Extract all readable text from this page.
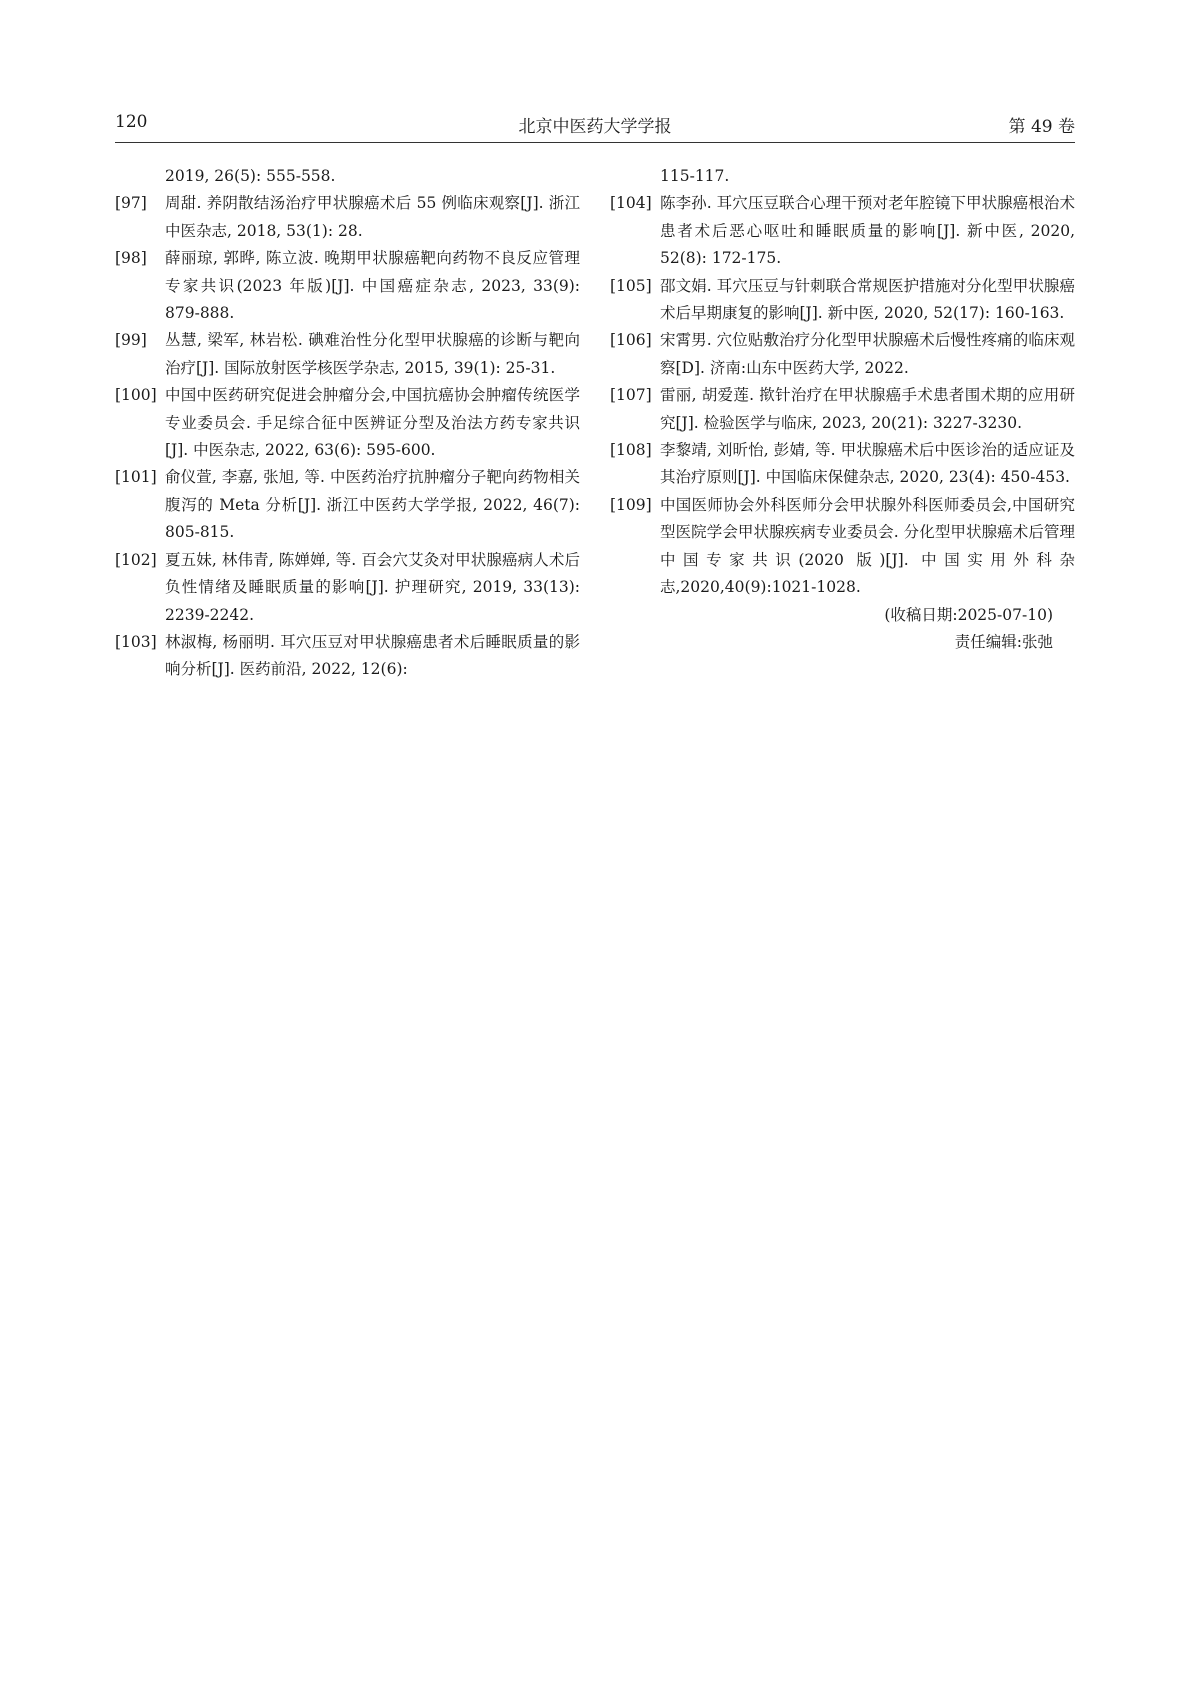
120	北京中医药大学学报	第 49 卷

2019, 26(5): 555-558.

[97]	周甜. 养阴散结汤治疗甲状腺癌术后 55 例临床观察[J]. 浙江中医杂志, 2018, 53(1): 28.
[98]	薛丽琼, 郭晔, 陈立波. 晚期甲状腺癌靶向药物不良反应管理专家共识(2023 年版)[J]. 中国癌症杂志, 2023, 33(9): 879-888.
[99]	丛慧, 梁军, 林岩松. 碘难治性分化型甲状腺癌的诊断与靶向治疗[J]. 国际放射医学核医学杂志, 2015, 39(1): 25-31.
[100] 中国中医药研究促进会肿瘤分会,中国抗癌协会肿瘤传统医学专业委员会. 手足综合征中医辨证分型及治法方药专家共识[J]. 中医杂志, 2022, 63(6): 595-600.
[101] 俞仪萱, 李嘉, 张旭, 等. 中医药治疗抗肿瘤分子靶向药物相关腹泻的 Meta 分析[J]. 浙江中医药大学学报, 2022, 46(7): 805-815.
[102] 夏五妹, 林伟青, 陈婵婵, 等. 百会穴艾灸对甲状腺癌病人术后负性情绪及睡眠质量的影响[J]. 护理研究, 2019, 33(13): 2239-2242.
[103] 林淑梅, 杨丽明. 耳穴压豆对甲状腺癌患者术后睡眠质量的影响分析[J]. 医药前沿, 2022, 12(6):

115-117.

[104] 陈李孙. 耳穴压豆联合心理干预对老年腔镜下甲状腺癌根治术患者术后恶心呕吐和睡眠质量的影响[J]. 新中医, 2020, 52(8): 172-175.
[105] 邵文娟. 耳穴压豆与针刺联合常规医护措施对分化型甲状腺癌术后早期康复的影响[J]. 新中医, 2020, 52(17): 160-163.
[106] 宋霄男. 穴位贴敷治疗分化型甲状腺癌术后慢性疼痛的临床观察[D]. 济南:山东中医药大学, 2022.
[107] 雷丽, 胡爱莲. 揿针治疗在甲状腺癌手术患者围术期的应用研究[J]. 检验医学与临床, 2023, 20(21): 3227-3230.
[108] 李黎靖, 刘昕怡, 彭婧, 等. 甲状腺癌术后中医诊治的适应证及其治疗原则[J]. 中国临床保健杂志, 2020, 23(4): 450-453.
[109] 中国医师协会外科医师分会甲状腺外科医师委员会,中国研究型医院学会甲状腺疾病专业委员会. 分化型甲状腺癌术后管理中国专家共识(2020 版)[J]. 中国实用外科杂志,2020,40(9):1021-1028.
(收稿日期:2025-07-10)
责任编辑:张弛
